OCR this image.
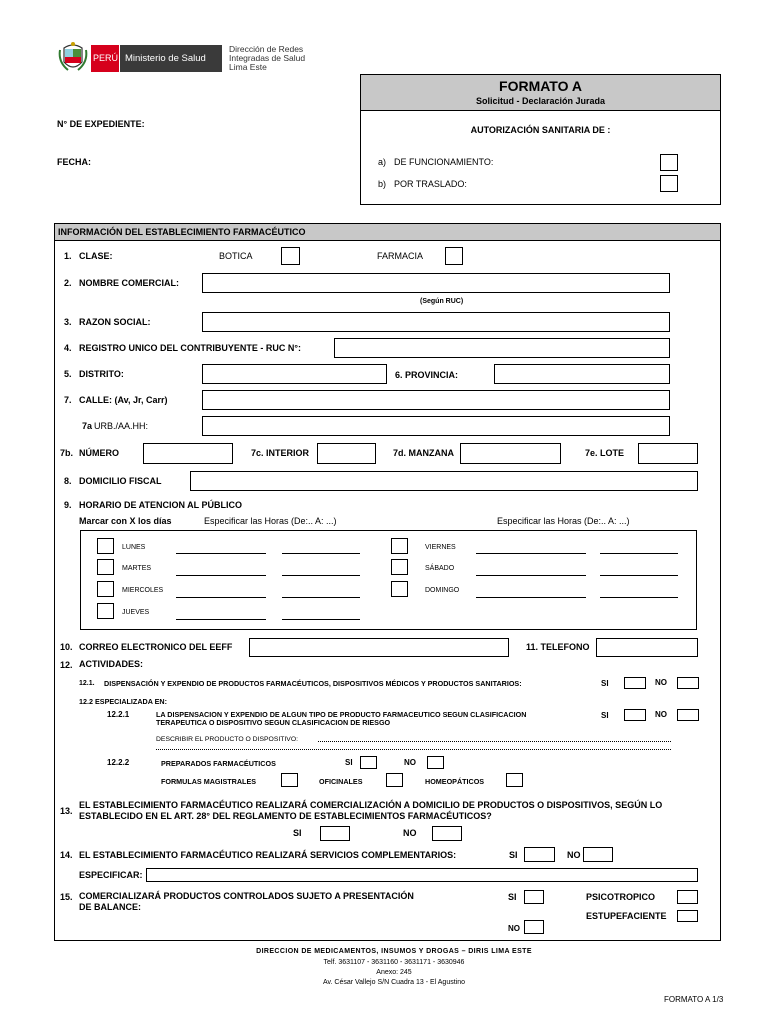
PERÚ Ministerio de Salud
Dirección de Redes
Integradas de Salud
Lima Este
FORMATO A
Solicitud - Declaración Jurada
AUTORIZACIÓN SANITARIA DE :
a) DE FUNCIONAMIENTO:
b) POR TRASLADO:
N° DE EXPEDIENTE:
FECHA:
INFORMACIÓN DEL ESTABLECIMIENTO FARMACÉUTICO
1. CLASE:	BOTICA	FARMACIA
2. NOMBRE COMERCIAL:
(Según RUC)
3. RAZON SOCIAL:
4. REGISTRO UNICO DEL CONTRIBUYENTE - RUC N°:
5. DISTRITO:	6. PROVINCIA:
7. CALLE: (Av, Jr, Carr)
7a URB./AA.HH:
7b. NÚMERO	7c. INTERIOR	7d. MANZANA	7e. LOTE
8. DOMICILIO FISCAL
9. HORARIO DE ATENCION AL PÚBLICO
Marcar con X los días	Especificar las Horas (De:.. A: ...)	Especificar las Horas (De:.. A: ...)
LUNES
MARTES
MIERCOLES
JUEVES
VIERNES
SÁBADO
DOMINGO
10. CORREO ELECTRONICO DEL EEFF	11. TELEFONO
12. ACTIVIDADES:
12.1. DISPENSACIÓN Y EXPENDIO DE PRODUCTOS FARMACÉUTICOS, DISPOSITIVOS MÉDICOS Y PRODUCTOS SANITARIOS:	SI	NO
12.2 ESPECIALIZADA EN:
12.2.1	LA DISPENSACION Y EXPENDIO DE ALGUN TIPO DE PRODUCTO FARMACEUTICO SEGUN CLASIFICACION
TERAPEUTICA O DISPOSITIVO SEGUN CLASIFICACION DE RIESGO
SI	NO
DESCRIBIR EL PRODUCTO O DISPOSITIVO:
12.2.2	PREPARADOS FARMACÉUTICOS	SI	NO
FORMULAS MAGISTRALES	OFICINALES	HOMEOPÁTICOS
13.
EL ESTABLECIMIENTO FARMACÉUTICO REALIZARÁ COMERCIALIZACIÓN A DOMICILIO DE PRODUCTOS O DISPOSITIVOS, SEGÚN LO
ESTABLECIDO EN EL ART. 28° DEL REGLAMENTO DE ESTABLECIMIENTOS FARMACÉUTICOS?
SI	NO
14. EL ESTABLECIMIENTO FARMACÉUTICO REALIZARÁ SERVICIOS COMPLEMENTARIOS:	SI	NO
ESPECIFICAR:
15. COMERCIALIZARÁ PRODUCTOS CONTROLADOS SUJETO A PRESENTACIÓN
DE BALANCE:
SI	PSICOTROPICO
ESTUPEFACIENTE
NO
DIRECCION DE MEDICAMENTOS, INSUMOS Y DROGAS – DIRIS LIMA ESTE
Telf. 3631107 - 3631160 - 3631171 - 3630946
Anexo: 245
Av. César Vallejo S/N Cuadra 13 - El Agustino
FORMATO A 1/3
